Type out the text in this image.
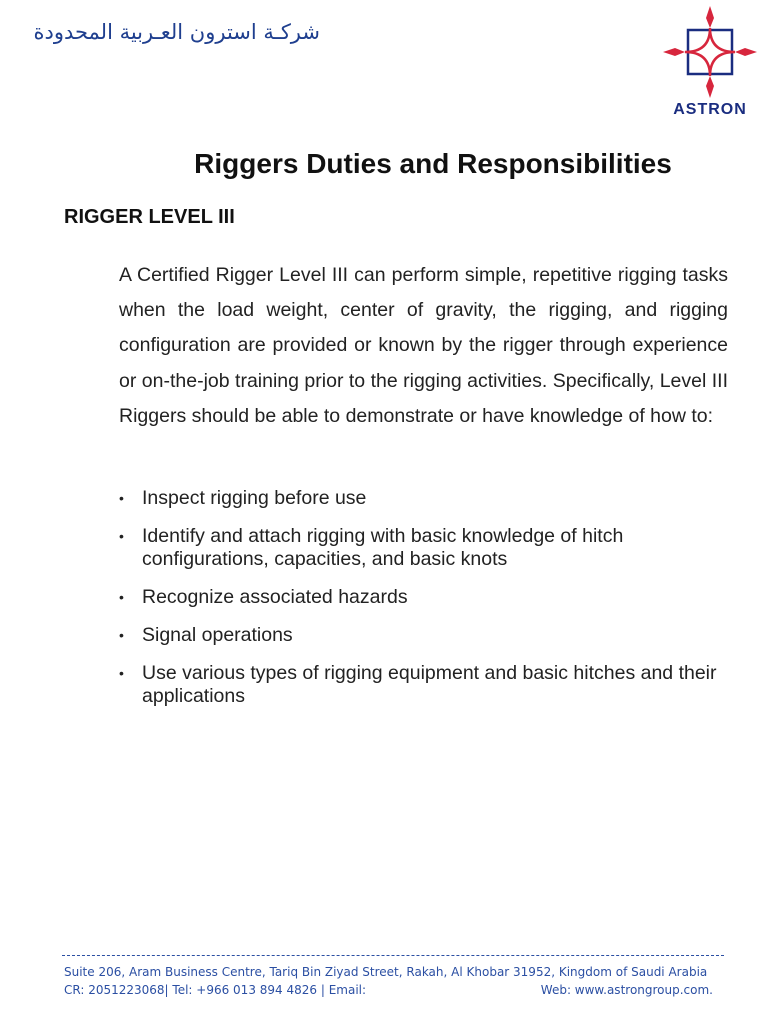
شركـة استرون العـربية المحدودة
ASTRON
Riggers Duties and Responsibilities
RIGGER LEVEL III

A Certified Rigger Level III can perform simple, repetitive rigging tasks when the load weight, center of gravity, the rigging, and rigging configuration are provided or known by the rigger through experience or on-the-job training prior to the rigging activities. Specifically, Level III Riggers should be able to demonstrate or have knowledge of how to:

• Inspect rigging before use
• Identify and attach rigging with basic knowledge of hitch configurations, capacities, and basic knots
• Recognize associated hazards
• Signal operations
• Use various types of rigging equipment and basic hitches and their applications
Suite 206, Aram Business Centre, Tariq Bin Ziyad Street, Rakah, Al Khobar 31952, Kingdom of Saudi Arabia
CR: 2051223068| Tel: +966 013 894 4826 | Email:	Web: www.astrongroup.com.
